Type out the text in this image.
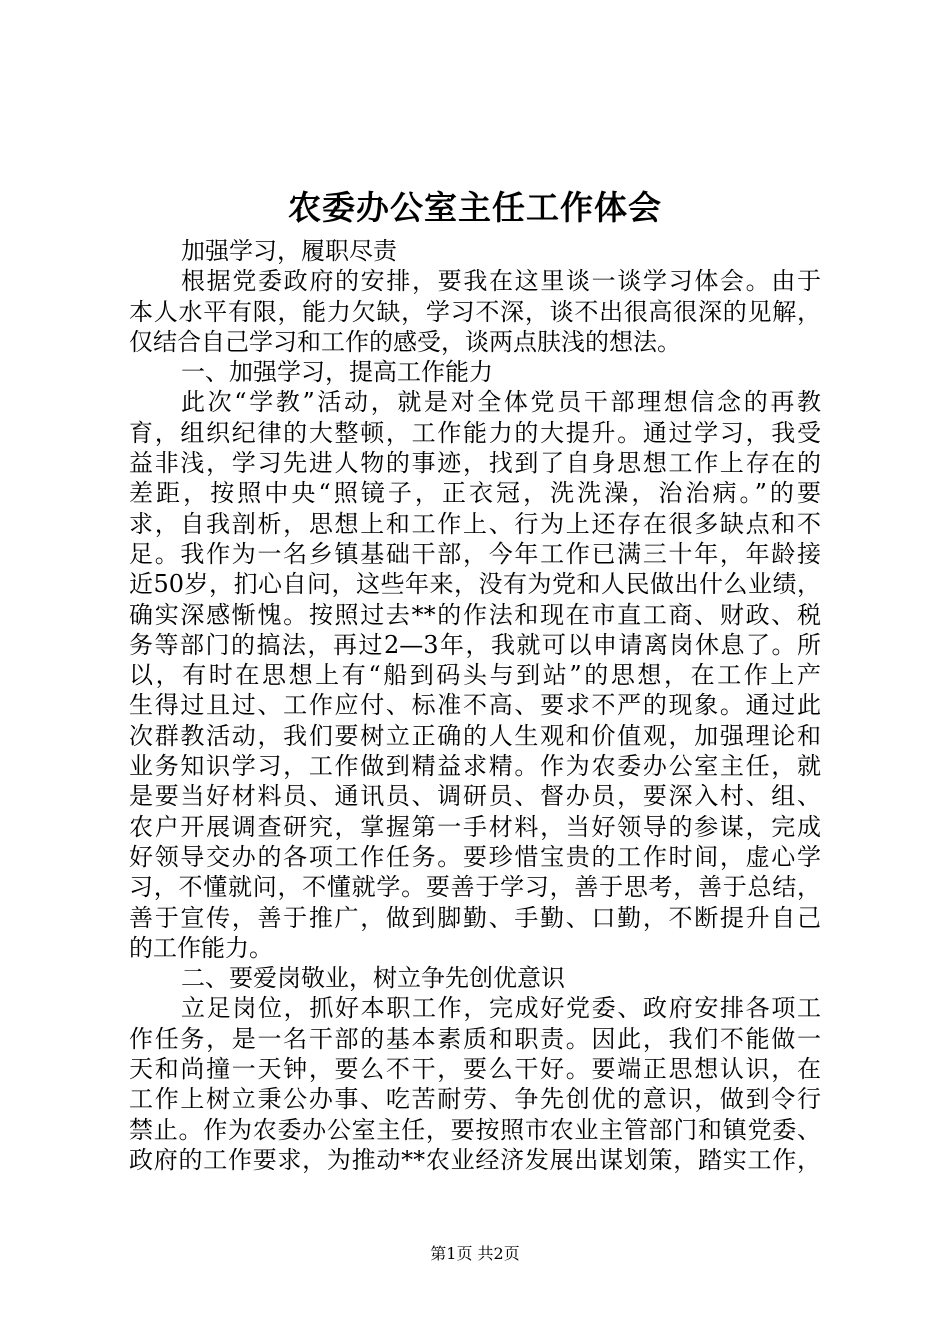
农委办公室主任工作体会
加强学习，履职尽责
根据党委政府的安排，要我在这里谈一谈学习体会。由于
本人水平有限，能力欠缺，学习不深，谈不出很高很深的见解，
仅结合自己学习和工作的感受，谈两点肤浅的想法。
一、加强学习，提高工作能力
此次“学教”活动，就是对全体党员干部理想信念的再教
育，组织纪律的大整顿，工作能力的大提升。通过学习，我受
益非浅，学习先进人物的事迹，找到了自身思想工作上存在的
差距，按照中央“照镜子，正衣冠，洗洗澡，治治病。”的要
求，自我剖析，思想上和工作上、行为上还存在很多缺点和不
足。我作为一名乡镇基础干部，今年工作已满三十年，年龄接
近50岁，扪心自问，这些年来，没有为党和人民做出什么业绩，
确实深感惭愧。按照过去**的作法和现在市直工商、财政、税
务等部门的搞法，再过2—3年，我就可以申请离岗休息了。所
以，有时在思想上有“船到码头与到站”的思想，在工作上产
生得过且过、工作应付、标准不高、要求不严的现象。通过此
次群教活动，我们要树立正确的人生观和价值观，加强理论和
业务知识学习，工作做到精益求精。作为农委办公室主任，就
是要当好材料员、通讯员、调研员、督办员，要深入村、组、
农户开展调查研究，掌握第一手材料，当好领导的参谋，完成
好领导交办的各项工作任务。要珍惜宝贵的工作时间，虚心学
习，不懂就问，不懂就学。要善于学习，善于思考，善于总结，
善于宣传，善于推广，做到脚勤、手勤、口勤，不断提升自己
的工作能力。
二、要爱岗敬业，树立争先创优意识
立足岗位，抓好本职工作，完成好党委、政府安排各项工
作任务，是一名干部的基本素质和职责。因此，我们不能做一
天和尚撞一天钟，要么不干，要么干好。要端正思想认识，在
工作上树立秉公办事、吃苦耐劳、争先创优的意识，做到令行
禁止。作为农委办公室主任，要按照市农业主管部门和镇党委、
政府的工作要求，为推动**农业经济发展出谋划策，踏实工作，
第1页 共2页
